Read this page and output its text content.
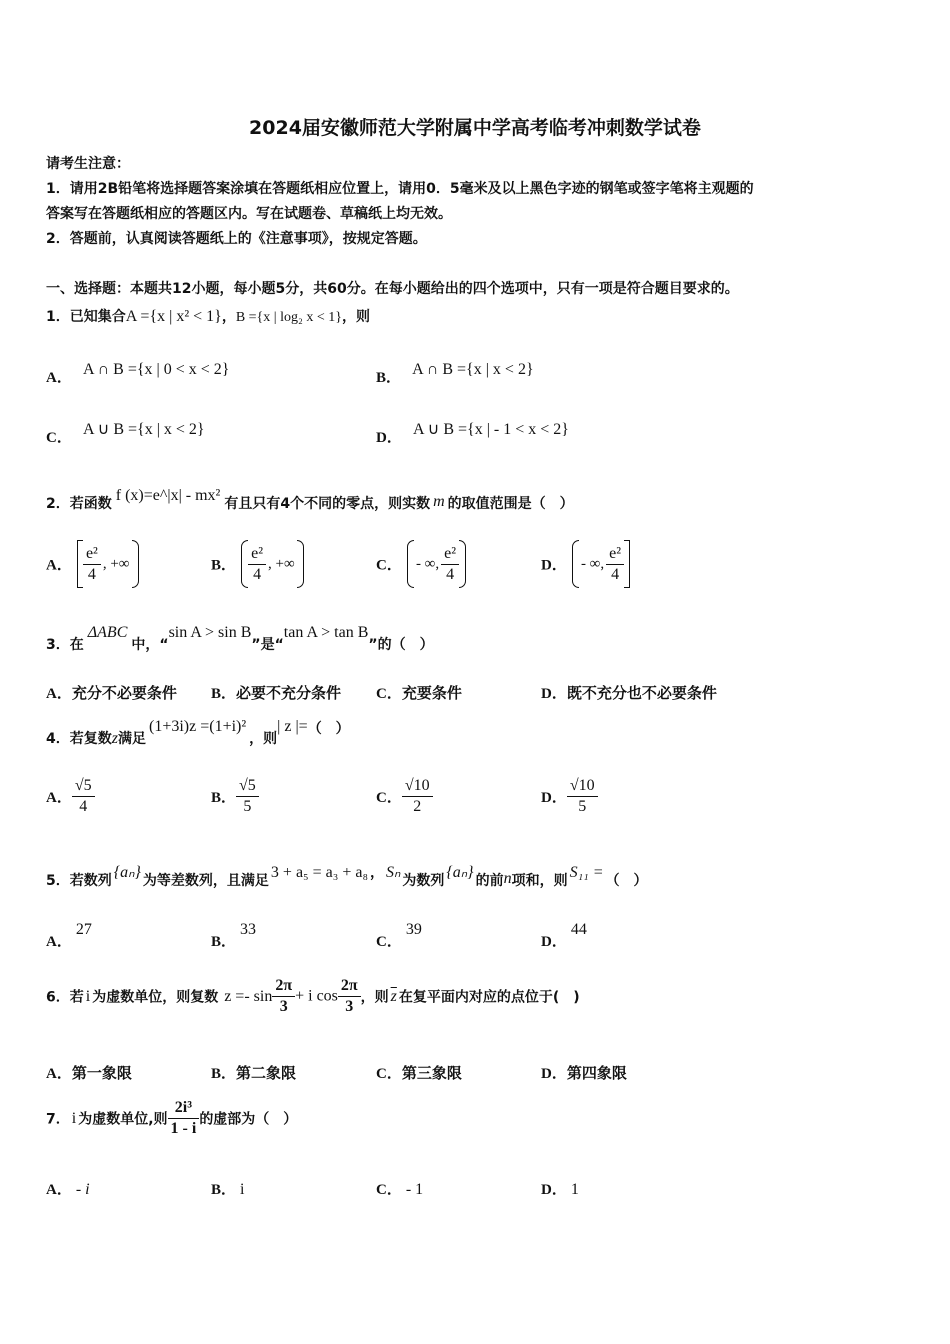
2024届安徽师范大学附属中学高考临考冲刺数学试卷
请考生注意：
1．请用2B铅笔将选择题答案涂填在答题纸相应位置上，请用0．5毫米及以上黑色字迹的钢笔或签字笔将主观题的
答案写在答题纸相应的答题区内。写在试题卷、草稿纸上均无效。
2．答题前，认真阅读答题纸上的《注意事项》，按规定答题。
一、选择题：本题共12小题，每小题5分，共60分。在每小题给出的四个选项中，只有一项是符合题目要求的。
1．已知集合A ={x | x² < 1}，B ={x | log₂ x < 1}，则
A． A ∩ B ={x | 0 < x < 2}	B． A ∩ B ={x | x < 2}
C． A ∪ B ={x | x < 2}	D． A ∪ B ={x | - 1 < x < 2}
2．若函数 f (x)=e^|x| - mx² 有且只有4个不同的零点，则实数 m 的取值范围是（　）
A． $\frac{\text{e²}}{4}$ , +∞	B． $\frac{\text{e²}}{4}$ , +∞	C． - ∞, $\frac{\text{e²}}{4}$	D． - ∞, $\frac{\text{e²}}{4}$
3．在ΔABC中，“sin A > sin B”是“tan A > tan B”的（　）
A．充分不必要条件 B．必要不充分条件 C．充要条件	D．既不充分也不必要条件
4．若复数z满足(1+3i)z =(1+i)²，则| z |=（　）
A． $\frac{√5}{4}$	B． $\frac{√5}{5}$	C． $\frac{√10}{2}$	D． $\frac{√10}{5}$
5．若数列 {aₙ} 为等差数列，且满足 3 + a₅ = a₃ + a₈ ， Sₙ 为数列 {aₙ} 的前n项和，则 S₁₁ = （　）
A．27
B．33
C．39
D．44
6．若 i 为虚数单位，则复数 $z =- \sin \frac{2\pi}{3} + i$ $\cos \frac{2\pi}{3}$ ，则 $\overline{z}$ 在复平面内对应的点位于(　)
A．第一象限	B．第二象限	C．第三象限	D．第四象限
7． i 为虚数单位,则 $\frac{\text{2i³}}{1 - i}$ 的虚部为（　）
A． - i	B． i	C． - 1	D． 1
